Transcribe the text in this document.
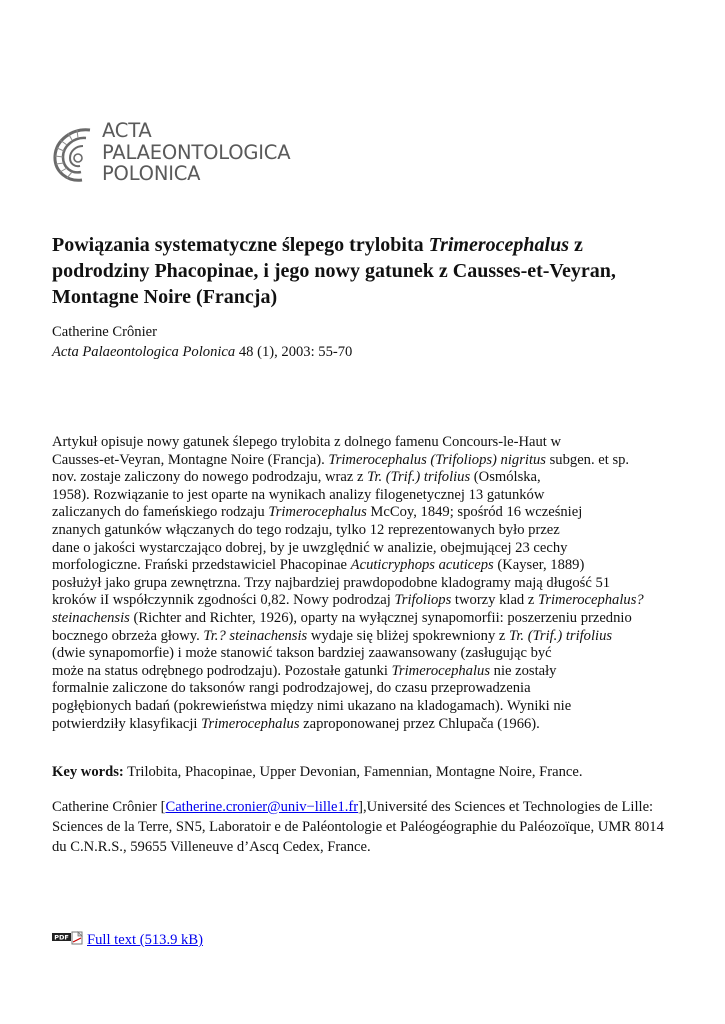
ACTA
PALAEONTOLOGICA
POLONICA
Powiązania systematyczne ślepego trylobita Trimerocephalus z podrodziny Phacopinae, i jego nowy gatunek z Causses-et-Veyran, Montagne Noire (Francja)
Catherine Crônier
Acta Palaeontologica Polonica 48 (1), 2003: 55-70
Artykuł opisuje nowy gatunek ślepego trylobita z dolnego famenu Concours-le-Haut w
Causses-et-Veyran, Montagne Noire (Francja). Trimerocephalus (Trifoliops) nigritus subgen. et sp.
nov. zostaje zaliczony do nowego podrodzaju, wraz z Tr. (Trif.) trifolius (Osmólska,
1958). Rozwiązanie to jest oparte na wynikach analizy filogenetycznej 13 gatunków
zaliczanych do fameńskiego rodzaju Trimerocephalus McCoy, 1849; spośród 16 wcześniej
znanych gatunków włączanych do tego rodzaju, tylko 12 reprezentowanych było przez
dane o jakości wystarczająco dobrej, by je uwzględnić w analizie, obejmującej 23 cechy
morfologiczne. Frański przedstawiciel Phacopinae Acuticryphops acuticeps (Kayser, 1889)
posłużył jako grupa zewnętrzna. Trzy najbardziej prawdopodobne kladogramy mają długość 51
kroków iI współczynnik zgodności 0,82. Nowy podrodzaj Trifoliops tworzy klad z Trimerocephalus?
steinachensis (Richter and Richter, 1926), oparty na wyłącznej synapomorfii: poszerzeniu przednio
bocznego obrzeża głowy. Tr.? steinachensis wydaje się bliżej spokrewniony z Tr. (Trif.) trifolius
(dwie synapomorfie) i może stanowić takson bardziej zaawansowany (zasługując być
może na status odrębnego podrodzaju). Pozostałe gatunki Trimerocephalus nie zostały
formalnie zaliczone do taksonów rangi podrodzajowej, do czasu przeprowadzenia
pogłębionych badań (pokrewieństwa między nimi ukazano na kladogamach). Wyniki nie
potwierdziły klasyfikacji Trimerocephalus zaproponowanej przez Chlupača (1966).
Key words: Trilobita, Phacopinae, Upper Devonian, Famennian, Montagne Noire, France.
Catherine Crônier [Catherine.cronier@univ−lille1.fr],Université des Sciences et Technologies de Lille:
Sciences de la Terre, SN5, Laboratoir e de Paléontologie et Paléogéographie du Paléozoïque, UMR 8014
du C.N.R.S., 59655 Villeneuve d’Ascq Cedex, France.
PDF Full text (513.9 kB)
